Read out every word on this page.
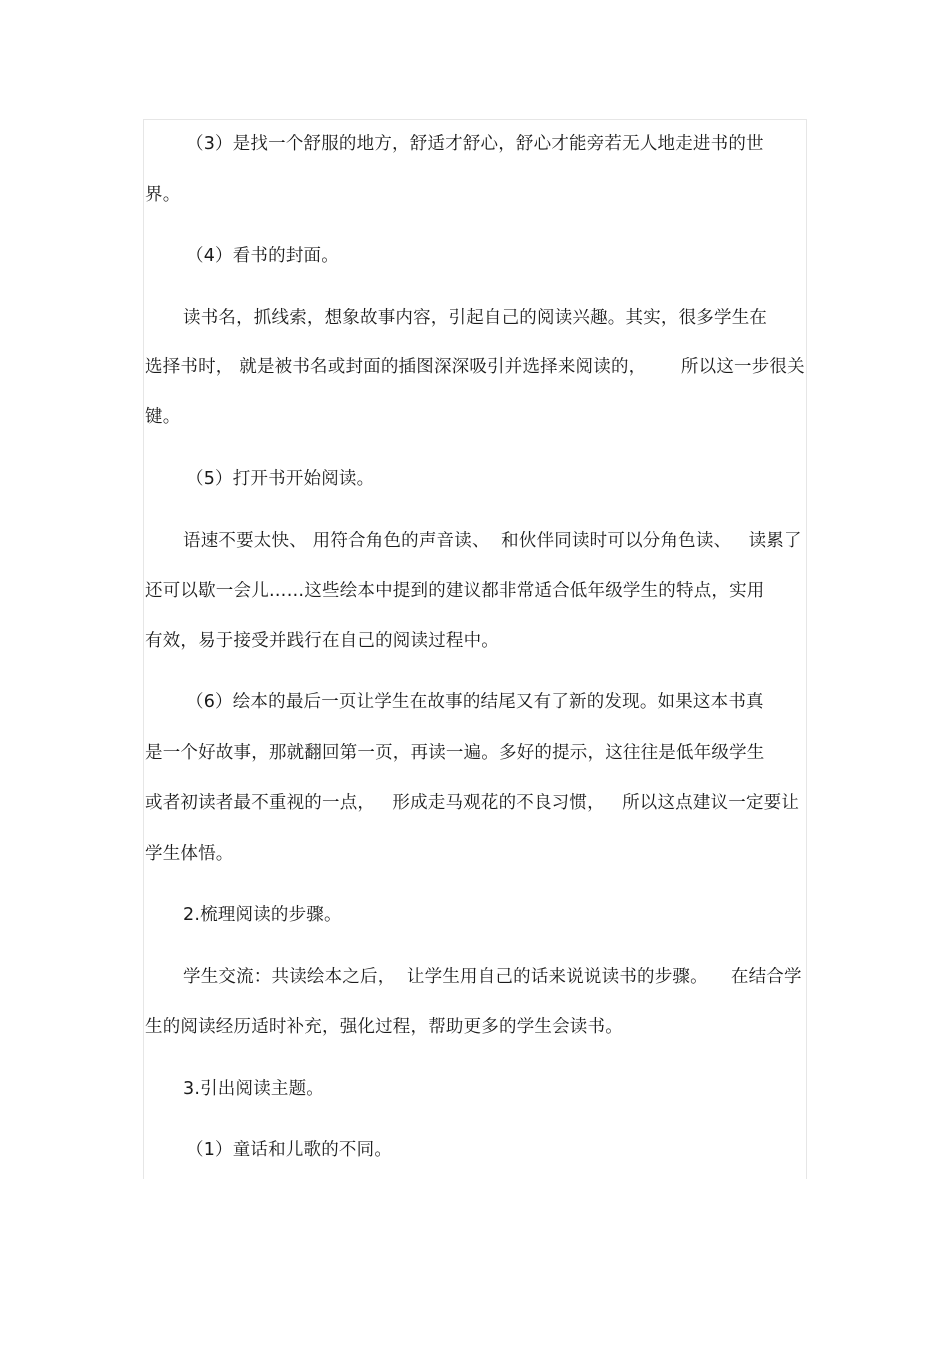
（3）是找一个舒服的地方，舒适才舒心，舒心才能旁若无人地走进书的世
界。
（4）看书的封面。
读书名，抓线索，想象故事内容，引起自己的阅读兴趣。其实，很多学生在
选择书时， 就是被书名或封面的插图深深吸引并选择来阅读的，      所以这一步很关
键。
（5）打开书开始阅读。
语速不要太快、 用符合角色的声音读、  和伙伴同读时可以分角色读、   读累了
还可以歇一会儿……这些绘本中提到的建议都非常适合低年级学生的特点，实用
有效，易于接受并践行在自己的阅读过程中。
（6）绘本的最后一页让学生在故事的结尾又有了新的发现。如果这本书真
是一个好故事，那就翻回第一页，再读一遍。多好的提示，这往往是低年级学生
或者初读者最不重视的一点，   形成走马观花的不良习惯，   所以这点建议一定要让
学生体悟。
2.梳理阅读的步骤。
学生交流：共读绘本之后，  让学生用自己的话来说说读书的步骤。    在结合学
生的阅读经历适时补充，强化过程，帮助更多的学生会读书。
3.引出阅读主题。
（1）童话和儿歌的不同。
